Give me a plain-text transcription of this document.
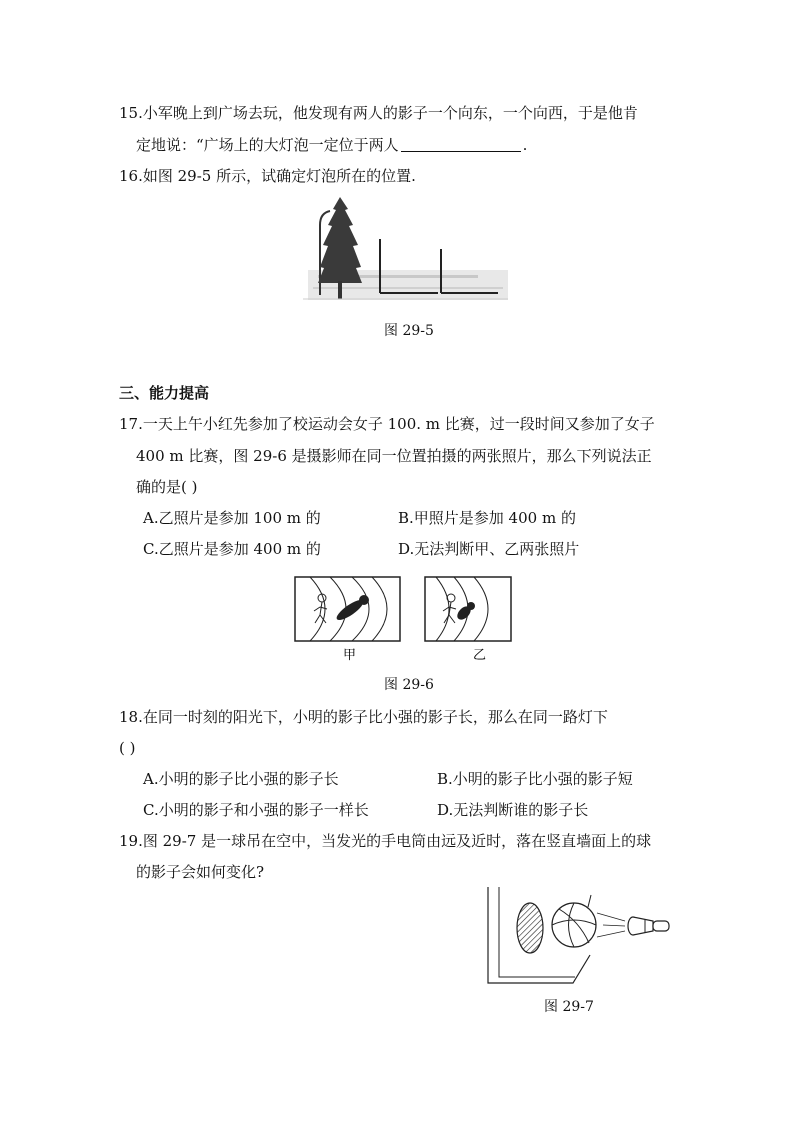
15.小军晚上到广场去玩，他发现有两人的影子一个向东，一个向西，于是他肯
定地说：“广场上的大灯泡一定位于两人	.
16.如图 29-5 所示，试确定灯泡所在的位置.
图 29-5
三、能力提高
17.一天上午小红先参加了校运动会女子 100. m 比赛，过一段时间又参加了女子
400 m 比赛，图 29-6 是摄影师在同一位置拍摄的两张照片，那么下列说法正
确的是( )
A.乙照片是参加 100 m 的	B.甲照片是参加 400 m 的
C.乙照片是参加 400 m 的	D.无法判断甲、乙两张照片
甲	乙
图 29-6
18.在同一时刻的阳光下，小明的影子比小强的影子长，那么在同一路灯下
( )
A.小明的影子比小强的影子长	B.小明的影子比小强的影子短
C.小明的影子和小强的影子一样长	D.无法判断谁的影子长
19.图 29-7 是一球吊在空中，当发光的手电筒由远及近时，落在竖直墙面上的球
的影子会如何变化?
图 29-7
